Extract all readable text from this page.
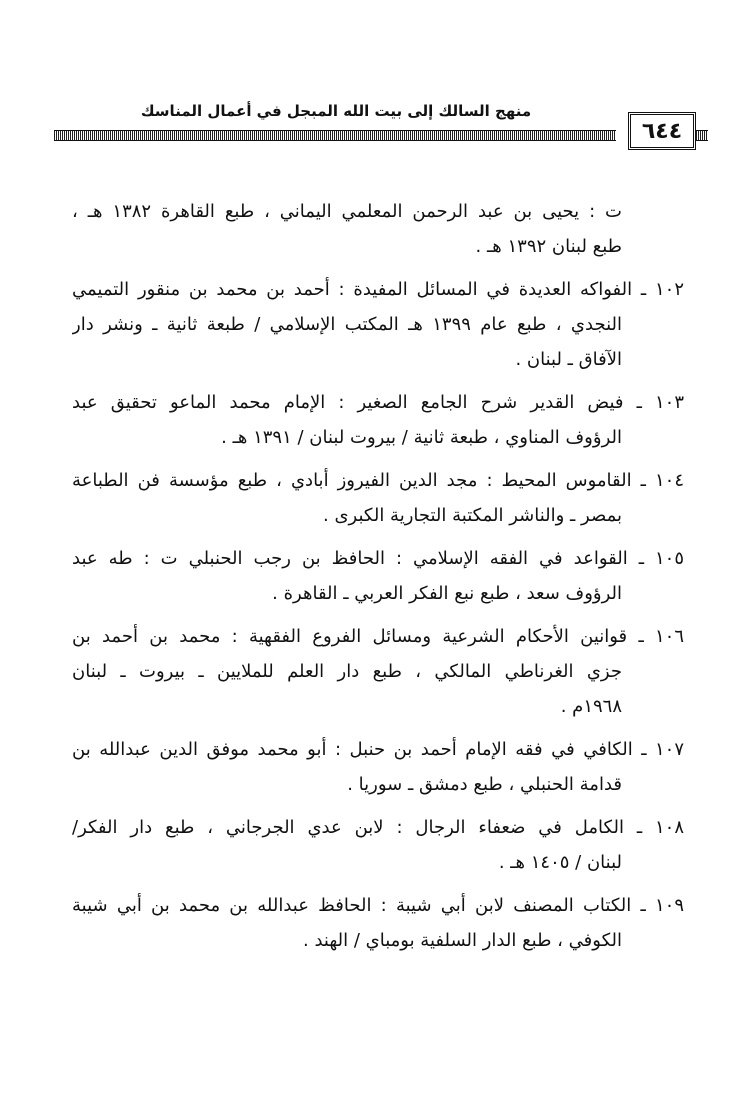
منهج السالك إلى بيت الله المبجل في أعمال المناسك
٦٤٤
ت : يحيى بن عبد الرحمن المعلمي اليماني ، طبع القاهرة ١٣٨٢ هـ ،
طبع لبنان ١٣٩٢ هـ .
١٠٢ ـ الفواكه العديدة في المسائل المفيدة : أحمد بن محمد بن منقور التميمي
النجدي ، طبع عام ١٣٩٩ هـ المكتب الإسلامي / طبعة ثانية ـ ونشر دار
الآفاق ـ لبنان .
١٠٣ ـ فيض القدير شرح الجامع الصغير : الإمام محمد الماعو تحقيق عبد
الرؤوف المناوي ، طبعة ثانية / بيروت لبنان / ١٣٩١ هـ .
١٠٤ ـ القاموس المحيط : مجد الدين الفيروز أبادي ، طبع مؤسسة فن الطباعة
بمصر ـ والناشر المكتبة التجارية الكبرى .
١٠٥ ـ القواعد في الفقه الإسلامي : الحافظ بن رجب الحنبلي ت : طه عبد
الرؤوف سعد ، طبع نبع الفكر العربي ـ القاهرة .
١٠٦ ـ قوانين الأحكام الشرعية ومسائل الفروع الفقهية : محمد بن أحمد بن
جزي الغرناطي المالكي ، طبع دار العلم للملايين ـ بيروت ـ لبنان
١٩٦٨م .
١٠٧ ـ الكافي في فقه الإمام أحمد بن حنبل : أبو محمد موفق الدين عبدالله بن
قدامة الحنبلي ، طبع دمشق ـ سوريا .
١٠٨ ـ الكامل في ضعفاء الرجال : لابن عدي الجرجاني ، طبع دار الفكر/
لبنان / ١٤٠٥ هـ .
١٠٩ ـ الكتاب المصنف لابن أبي شيبة : الحافظ عبدالله بن محمد بن أبي شيبة
الكوفي ، طبع الدار السلفية بومباي / الهند .
